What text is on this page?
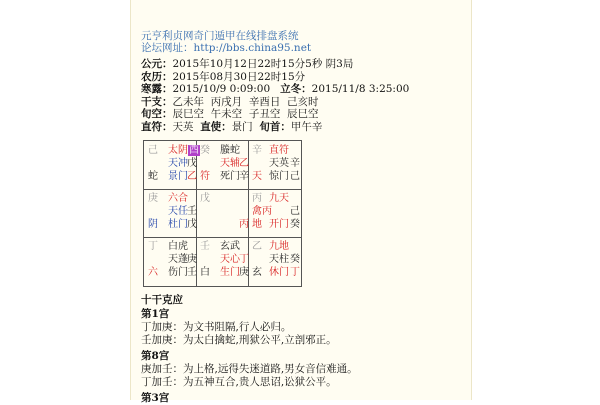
元亨利贞网奇门遁甲在线排盘系统
论坛网址：http://bbs.china95.net
公元：2015年10月12日22时15分5秒 阴3局
农历：2015年08月30日22时15分
寒露：2015/10/9 0:09:00 立冬：2015/11/8 3:25:00
干支：乙未年  丙戌月  辛酉日  己亥时
旬空：辰巳空  午未空  子丑空  辰巳空
直符：天英 直使：景门 旬首：甲午辛
己 太阴酉
天冲 戊
蛇 景门 乙
癸 螣蛇
天辅 乙
符 死门 辛
辛 直符
天英 辛
天 惊门 己
庚 六合
天任 壬
阴 杜门 戊
戊
丙
丙 九天
禽丙 己
地 开门 癸
丁 白虎
天蓬 庚
六 伤门 壬
壬 玄武
天心 丁
白 生门 庚
乙 九地
天柱 癸
玄 休门 丁
十干克应
第1宫
丁加庚：为文书阻隔,行人必归。
壬加庚：为太白擒蛇,刑狱公平,立剖邪正。
第8宫
庚加壬：为上格,远得失迷道路,男女音信难通。
丁加壬：为五神互合,贵人思诏,讼狱公平。
第3宫
